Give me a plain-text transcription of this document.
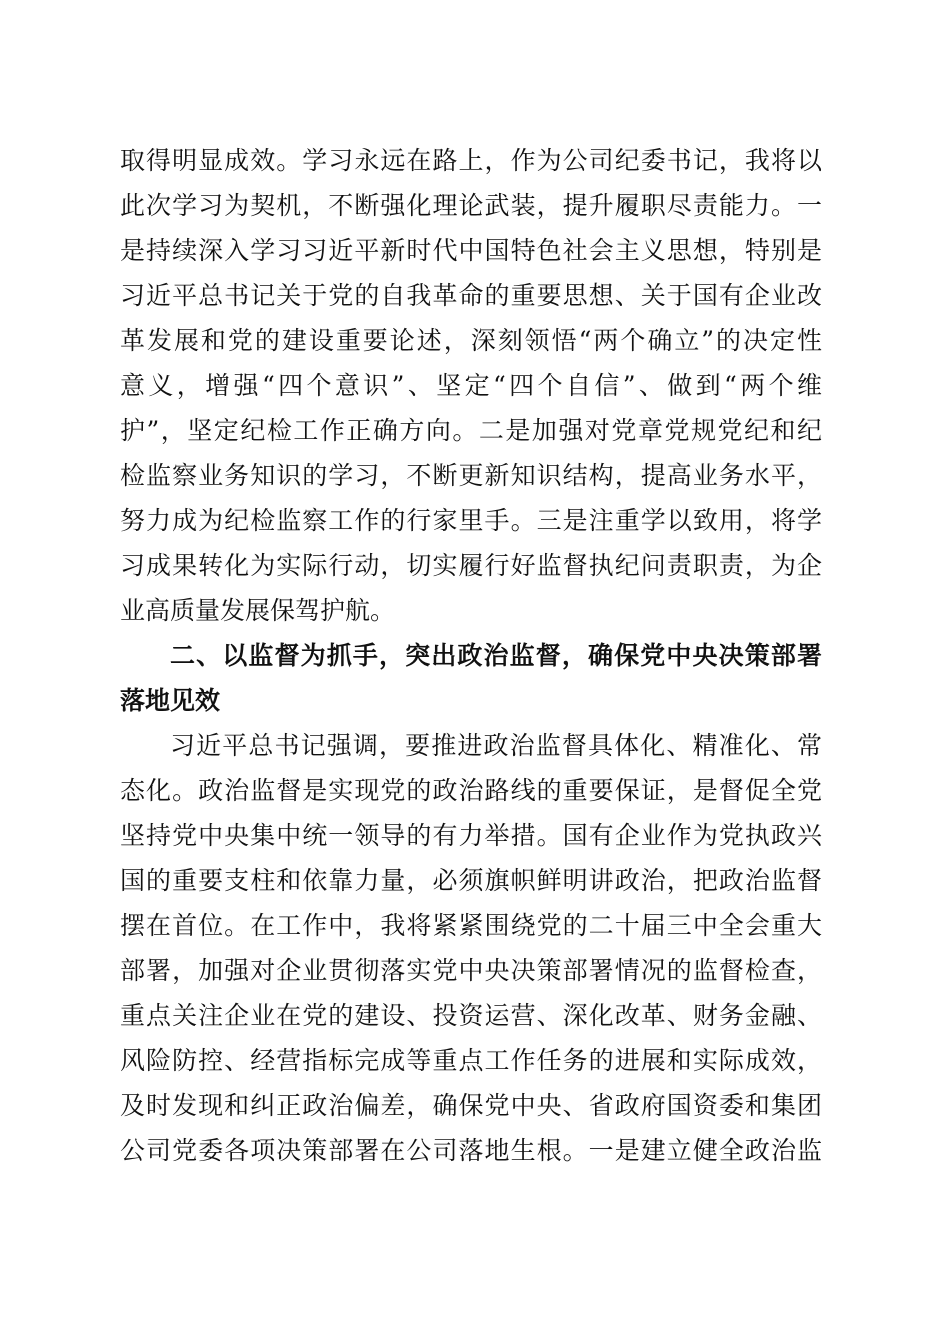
取得明显成效。学习永远在路上，作为公司纪委书记，我将以
此次学习为契机，不断强化理论武装，提升履职尽责能力。一
是持续深入学习习近平新时代中国特色社会主义思想，特别是
习近平总书记关于党的自我革命的重要思想、关于国有企业改
革发展和党的建设重要论述，深刻领悟“两个确立”的决定性
意义，增强“四个意识”、坚定“四个自信”、做到“两个维
护”，坚定纪检工作正确方向。二是加强对党章党规党纪和纪
检监察业务知识的学习，不断更新知识结构，提高业务水平，
努力成为纪检监察工作的行家里手。三是注重学以致用，将学
习成果转化为实际行动，切实履行好监督执纪问责职责，为企
业高质量发展保驾护航。
二、以监督为抓手，突出政治监督，确保党中央决策部署
落地见效
习近平总书记强调，要推进政治监督具体化、精准化、常
态化。政治监督是实现党的政治路线的重要保证，是督促全党
坚持党中央集中统一领导的有力举措。国有企业作为党执政兴
国的重要支柱和依靠力量，必须旗帜鲜明讲政治，把政治监督
摆在首位。在工作中，我将紧紧围绕党的二十届三中全会重大
部署，加强对企业贯彻落实党中央决策部署情况的监督检查，
重点关注企业在党的建设、投资运营、深化改革、财务金融、
风险防控、经营指标完成等重点工作任务的进展和实际成效，
及时发现和纠正政治偏差，确保党中央、省政府国资委和集团
公司党委各项决策部署在公司落地生根。一是建立健全政治监
